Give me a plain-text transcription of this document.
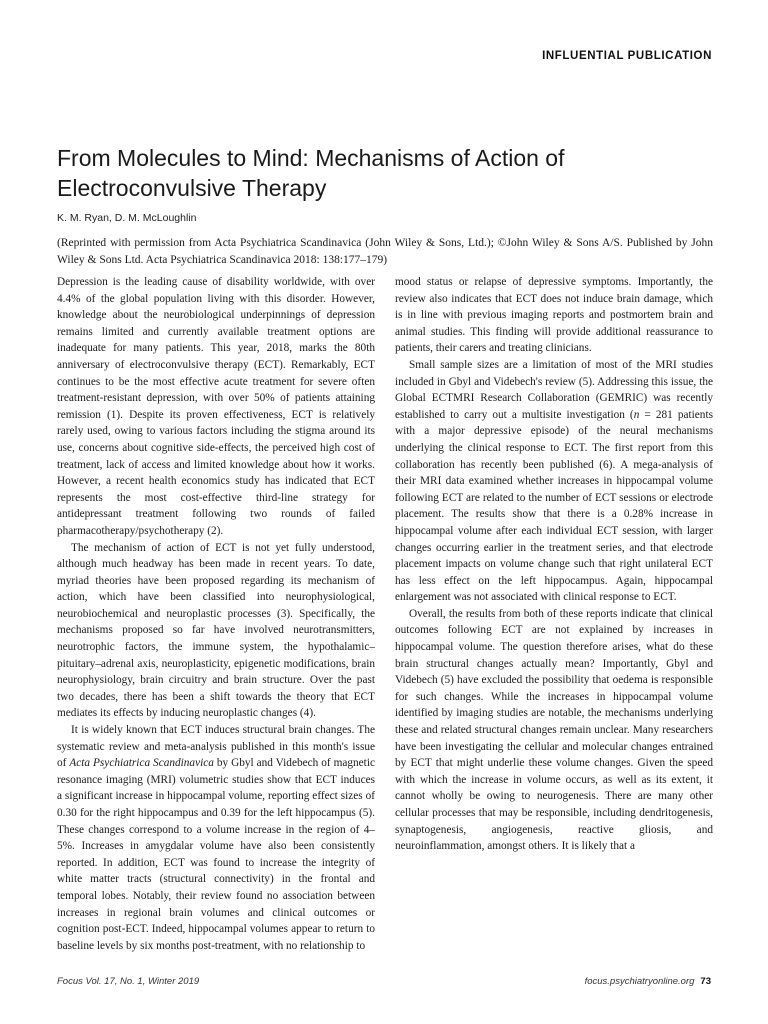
INFLUENTIAL PUBLICATION
From Molecules to Mind: Mechanisms of Action of Electroconvulsive Therapy
K. M. Ryan, D. M. McLoughlin

(Reprinted with permission from Acta Psychiatrica Scandinavica (John Wiley & Sons, Ltd.); ©John Wiley & Sons A/S. Published by John Wiley & Sons Ltd. Acta Psychiatrica Scandinavica 2018: 138:177–179)

Depression is the leading cause of disability worldwide, with over 4.4% of the global population living with this disorder. However, knowledge about the neurobiological underpinnings of depression remains limited and currently available treatment options are inadequate for many patients. This year, 2018, marks the 80th anniversary of electroconvulsive therapy (ECT). Remarkably, ECT continues to be the most effective acute treatment for severe often treatment-resistant depression, with over 50% of patients attaining remission (1). Despite its proven effectiveness, ECT is relatively rarely used, owing to various factors including the stigma around its use, concerns about cognitive side-effects, the perceived high cost of treatment, lack of access and limited knowledge about how it works. However, a recent health economics study has indicated that ECT represents the most cost-effective third-line strategy for antidepressant treatment following two rounds of failed pharmacotherapy/psychotherapy (2).

The mechanism of action of ECT is not yet fully understood, although much headway has been made in recent years. To date, myriad theories have been proposed regarding its mechanism of action, which have been classified into neurophysiological, neurobiochemical and neuroplastic processes (3). Specifically, the mechanisms proposed so far have involved neurotransmitters, neurotrophic factors, the immune system, the hypothalamic–pituitary–adrenal axis, neuroplasticity, epigenetic modifications, brain neurophysiology, brain circuitry and brain structure. Over the past two decades, there has been a shift towards the theory that ECT mediates its effects by inducing neuroplastic changes (4).

It is widely known that ECT induces structural brain changes. The systematic review and meta-analysis published in this month's issue of Acta Psychiatrica Scandinavica by Gbyl and Videbech of magnetic resonance imaging (MRI) volumetric studies show that ECT induces a significant increase in hippocampal volume, reporting effect sizes of 0.30 for the right hippocampus and 0.39 for the left hippocampus (5). These changes correspond to a volume increase in the region of 4–5%. Increases in amygdalar volume have also been consistently reported. In addition, ECT was found to increase the integrity of white matter tracts (structural connectivity) in the frontal and temporal lobes. Notably, their review found no association between increases in regional brain volumes and clinical outcomes or cognition post-ECT. Indeed, hippocampal volumes appear to return to baseline levels by six months post-treatment, with no relationship to

mood status or relapse of depressive symptoms. Importantly, the review also indicates that ECT does not induce brain damage, which is in line with previous imaging reports and postmortem brain and animal studies. This finding will provide additional reassurance to patients, their carers and treating clinicians.

Small sample sizes are a limitation of most of the MRI studies included in Gbyl and Videbech's review (5). Addressing this issue, the Global ECTMRI Research Collaboration (GEMRIC) was recently established to carry out a multisite investigation (n = 281 patients with a major depressive episode) of the neural mechanisms underlying the clinical response to ECT. The first report from this collaboration has recently been published (6). A mega-analysis of their MRI data examined whether increases in hippocampal volume following ECT are related to the number of ECT sessions or electrode placement. The results show that there is a 0.28% increase in hippocampal volume after each individual ECT session, with larger changes occurring earlier in the treatment series, and that electrode placement impacts on volume change such that right unilateral ECT has less effect on the left hippocampus. Again, hippocampal enlargement was not associated with clinical response to ECT.

Overall, the results from both of these reports indicate that clinical outcomes following ECT are not explained by increases in hippocampal volume. The question therefore arises, what do these brain structural changes actually mean? Importantly, Gbyl and Videbech (5) have excluded the possibility that oedema is responsible for such changes. While the increases in hippocampal volume identified by imaging studies are notable, the mechanisms underlying these and related structural changes remain unclear. Many researchers have been investigating the cellular and molecular changes entrained by ECT that might underlie these volume changes. Given the speed with which the increase in volume occurs, as well as its extent, it cannot wholly be owing to neurogenesis. There are many other cellular processes that may be responsible, including dendritogenesis, synaptogenesis, angiogenesis, reactive gliosis, and neuroinflammation, amongst others. It is likely that a

Focus Vol. 17, No. 1, Winter 2019	focus.psychiatryonline.org 73
